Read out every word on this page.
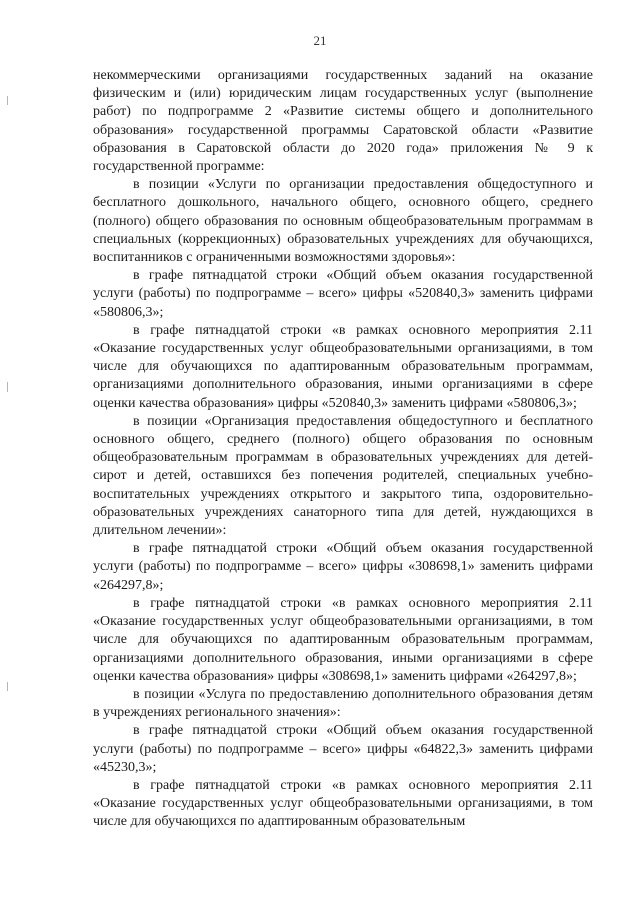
21

некоммерческими организациями государственных заданий на оказание физическим и (или) юридическим лицам государственных услуг (выполнение работ) по подпрограмме 2 «Развитие системы общего и дополнительного образования» государственной программы Саратовской области «Развитие образования в Саратовской области до 2020 года» приложения № 9 к государственной программе:

в позиции «Услуги по организации предоставления общедоступного и бесплатного дошкольного, начального общего, основного общего, среднего (полного) общего образования по основным общеобразовательным программам в специальных (коррекционных) образовательных учреждениях для обучающихся, воспитанников с ограниченными возможностями здоровья»:

в графе пятнадцатой строки «Общий объем оказания государственной услуги (работы) по подпрограмме – всего» цифры «520840,3» заменить цифрами «580806,3»;

в графе пятнадцатой строки «в рамках основного мероприятия 2.11 «Оказание государственных услуг общеобразовательными организациями, в том числе для обучающихся по адаптированным образовательным программам, организациями дополнительного образования, иными организациями в сфере оценки качества образования» цифры «520840,3» заменить цифрами «580806,3»;

в позиции «Организация предоставления общедоступного и бесплатного основного общего, среднего (полного) общего образования по основным общеобразовательным программам в образовательных учреждениях для детей-сирот и детей, оставшихся без попечения родителей, специальных учебно-воспитательных учреждениях открытого и закрытого типа, оздоровительно-образовательных учреждениях санаторного типа для детей, нуждающихся в длительном лечении»:

в графе пятнадцатой строки «Общий объем оказания государственной услуги (работы) по подпрограмме – всего» цифры «308698,1» заменить цифрами «264297,8»;

в графе пятнадцатой строки «в рамках основного мероприятия 2.11 «Оказание государственных услуг общеобразовательными организациями, в том числе для обучающихся по адаптированным образовательным программам, организациями дополнительного образования, иными организациями в сфере оценки качества образования» цифры «308698,1» заменить цифрами «264297,8»;

в позиции «Услуга по предоставлению дополнительного образования детям в учреждениях регионального значения»:

в графе пятнадцатой строки «Общий объем оказания государственной услуги (работы) по подпрограмме – всего» цифры «64822,3» заменить цифрами «45230,3»;

в графе пятнадцатой строки «в рамках основного мероприятия 2.11 «Оказание государственных услуг общеобразовательными организациями, в том числе для обучающихся по адаптированным образовательным
